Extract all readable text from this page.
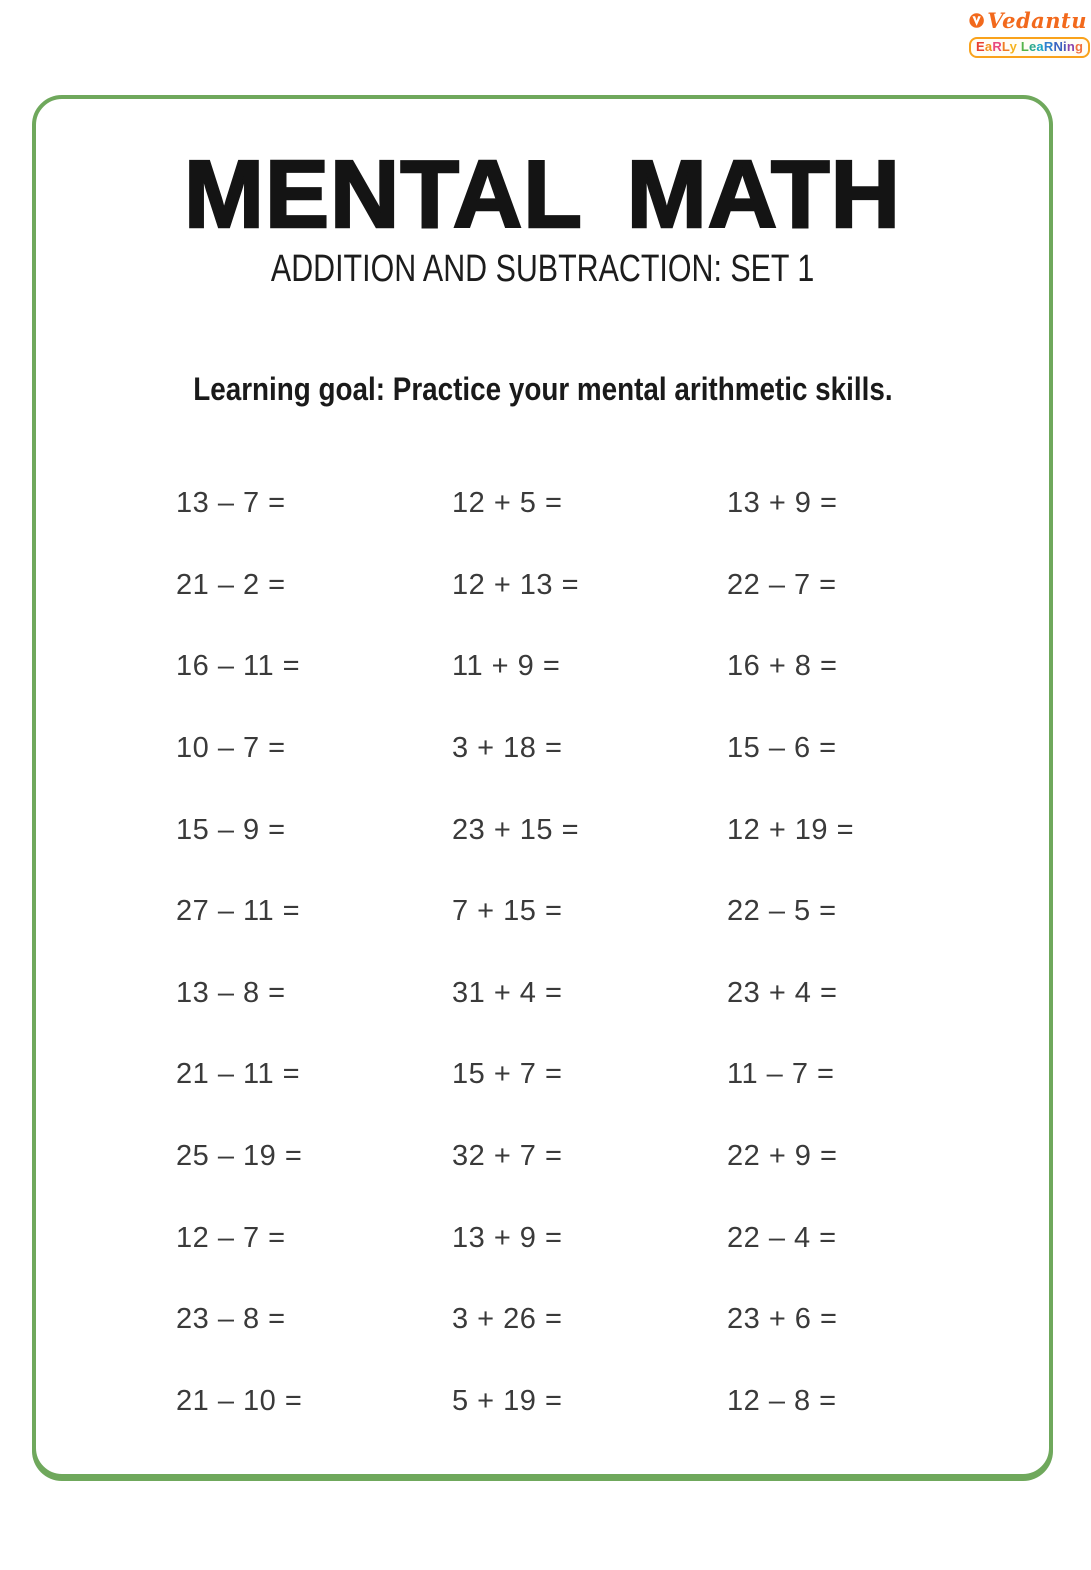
Vedantu
EaRLy LeaRNing
MENTAL MATH
ADDITION AND SUBTRACTION: SET 1
Learning goal: Practice your mental arithmetic skills.
13 – 7 =	12 + 5 =	13 + 9 =
21 – 2 =	12 + 13 =	22 – 7 =
16 – 11 =	11 + 9 =	16 + 8 =
10 – 7 =	3 + 18 =	15 – 6 =
15 – 9 =	23 + 15 =	12 + 19 =
27 – 11 =	7 + 15 =	22 – 5 =
13 – 8 =	31 + 4 =	23 + 4 =
21 – 11 =	15 + 7 =	11 – 7 =
25 – 19 =	32 + 7 =	22 + 9 =
12 – 7 =	13 + 9 =	22 – 4 =
23 – 8 =	3 + 26 =	23 + 6 =
21 – 10 =	5 + 19 =	12 – 8 =
